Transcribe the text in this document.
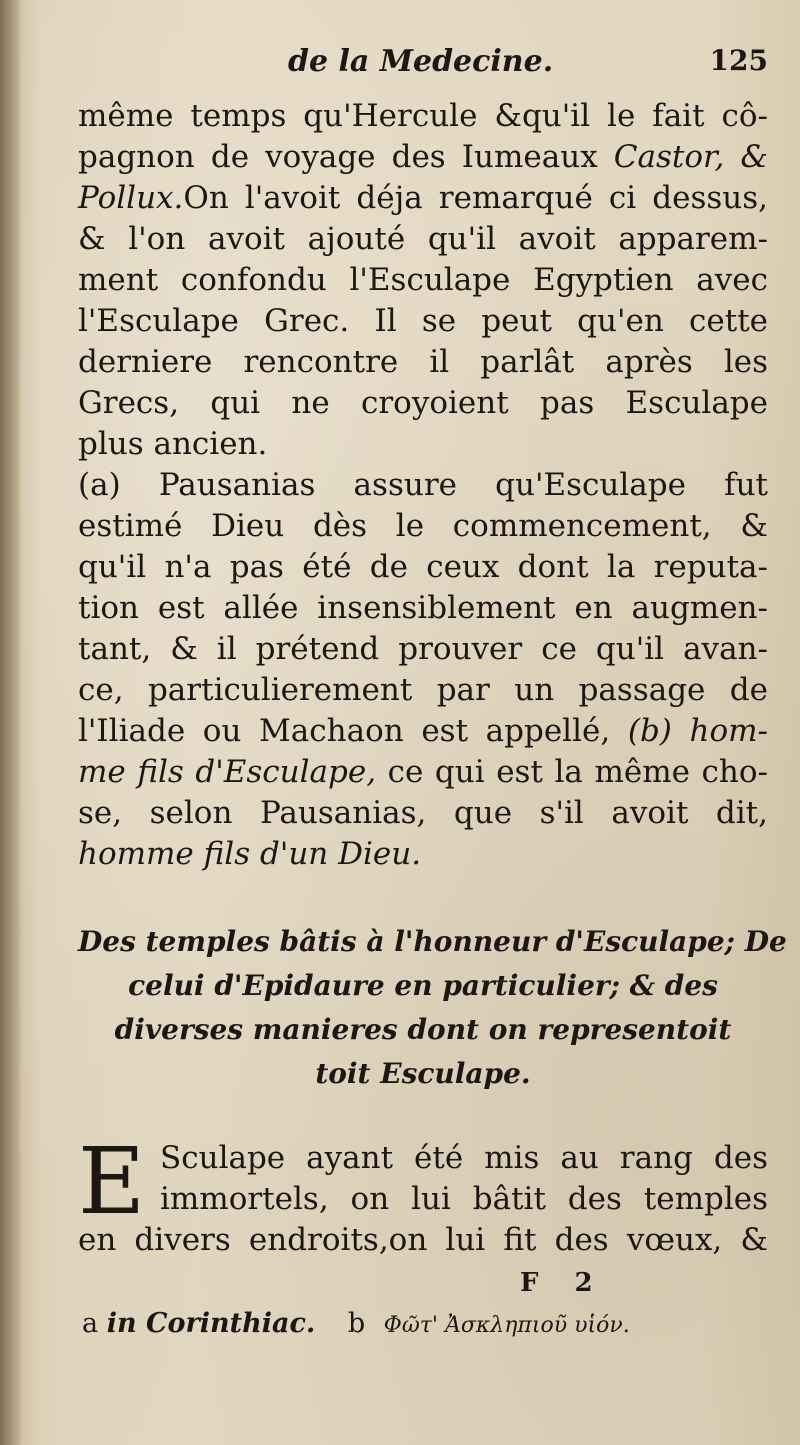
de la Medecine.	125
même temps qu'Hercule &qu'il le fait cô-
pagnon de voyage des Iumeaux Castor, &
Pollux.On l'avoit déja remarqué ci dessus,
& l'on avoit ajouté qu'il avoit apparem-
ment confondu l'Esculape Egyptien avec
l'Esculape Grec. Il se peut qu'en cette
derniere rencontre il parlât après les
Grecs, qui ne croyoient pas Esculape
plus ancien.
(a) Pausanias assure qu'Esculape fut
estimé Dieu dès le commencement, &
qu'il n'a pas été de ceux dont la reputa-
tion est allée insensiblement en augmen-
tant, & il prétend prouver ce qu'il avan-
ce, particulierement par un passage de
l'Iliade ou Machaon est appellé, (b) hom-
me fils d'Esculape, ce qui est la même cho-
se, selon Pausanias, que s'il avoit dit,
homme fils d'un Dieu.
Des temples bâtis à l'honneur d'Esculape; De
celui d'Epidaure en particulier; & des
diverses manieres dont on representoit
toit Esculape.
E Sculape ayant été mis au rang des
immortels, on lui bâtit des temples
en divers endroits,on lui fit des vœux, &
F 2
a in Corinthiac. b Φῶτ' Ἀσκληπιοῦ υἱόν.
